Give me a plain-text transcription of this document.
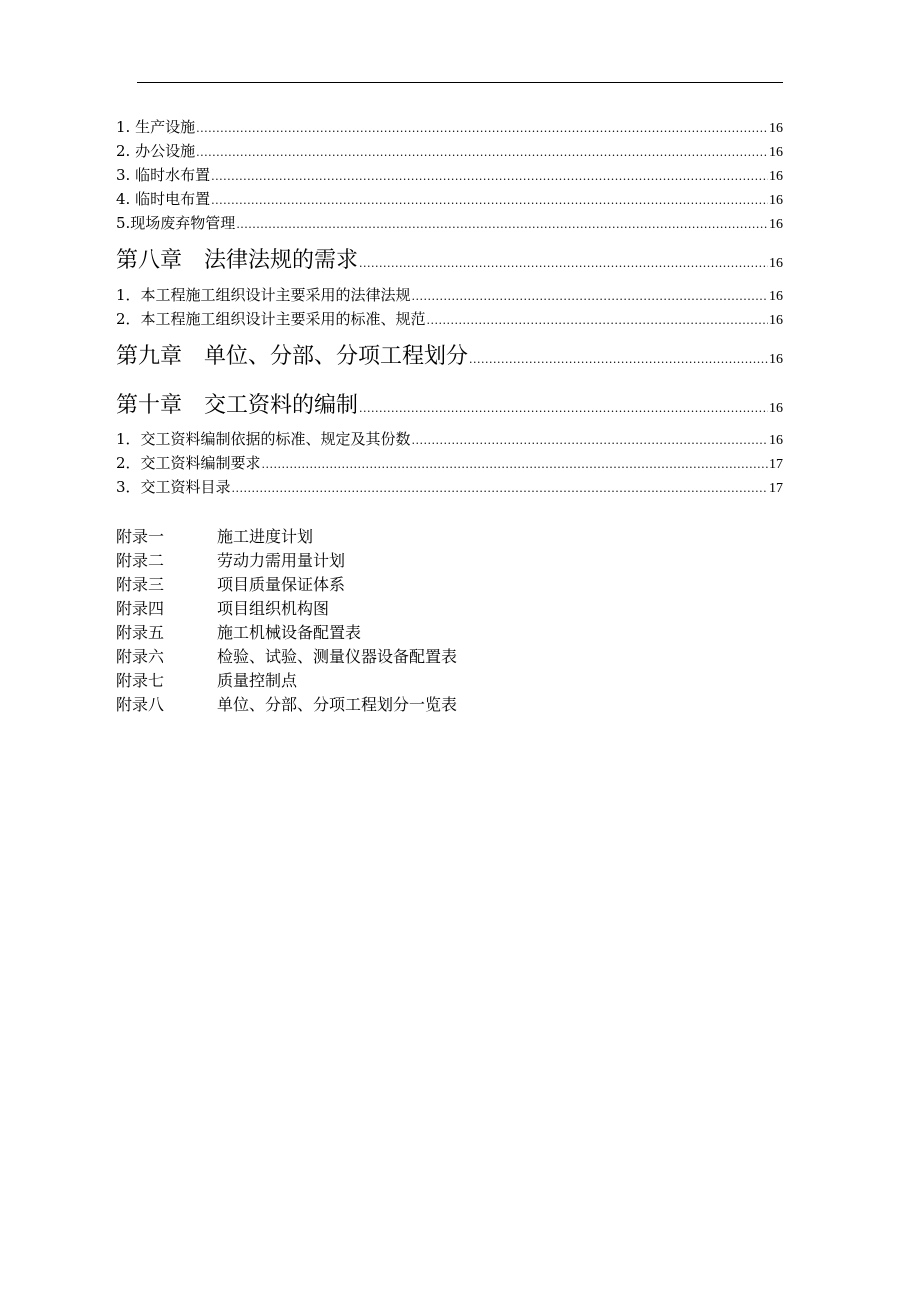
1. 生产设施 .....	16
2. 办公设施 .....	16
3. 临时水布置 .....	16
4. 临时电布置 .....	16
5.现场废弃物管理 .....	16
第八章　法律法规的需求 .....	16
1．本工程施工组织设计主要采用的法律法规 .....	16
2．本工程施工组织设计主要采用的标准、规范 .....	16
第九章　单位、分部、分项工程划分 .....	16
第十章　交工资料的编制 .....	16
1．交工资料编制依据的标准、规定及其份数 .....	16
2．交工资料编制要求 .....	17
3．交工资料目录 .....	17
附录一	施工进度计划
附录二	劳动力需用量计划
附录三	项目质量保证体系
附录四	项目组织机构图
附录五	施工机械设备配置表
附录六	检验、试验、测量仪器设备配置表
附录七	质量控制点
附录八	单位、分部、分项工程划分一览表
